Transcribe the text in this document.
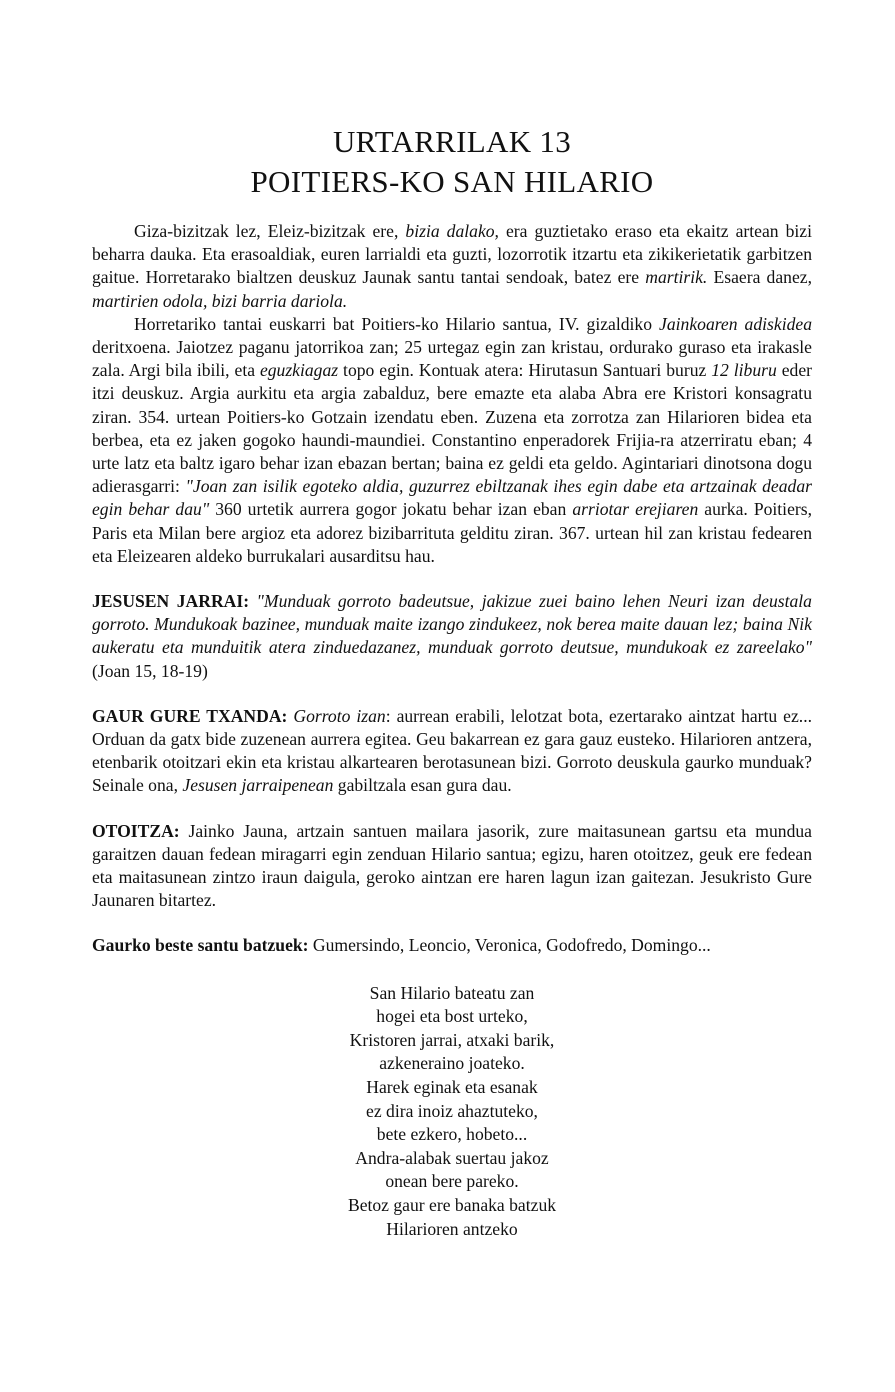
URTARRILAK 13
POITIERS-KO SAN HILARIO

Giza-bizitzak lez, Eleiz-bizitzak ere, bizia dalako, era guztietako eraso eta ekaitz artean bizi beharra dauka. Eta erasoaldiak, euren larrialdi eta guzti, lozorrotik itzartu eta zikikerietatik garbitzen gaitue. Horretarako bialtzen deuskuz Jaunak santu tantai sendoak, batez ere martirik. Esaera danez, martirien odola, bizi barria dariola.

Horretariko tantai euskarri bat Poitiers-ko Hilario santua, IV. gizaldiko Jainkoaren adiskidea deritxoena. Jaiotzez paganu jatorrikoa zan; 25 urtegaz egin zan kristau, ordurako guraso eta irakasle zala. Argi bila ibili, eta eguzkiagaz topo egin. Kontuak atera: Hirutasun Santuari buruz 12 liburu eder itzi deuskuz. Argia aurkitu eta argia zabalduz, bere emazte eta alaba Abra ere Kristori konsagratu ziran. 354. urtean Poitiers-ko Gotzain izendatu eben. Zuzena eta zorrotza zan Hilarioren bidea eta berbea, eta ez jaken gogoko haundi-maundiei. Constantino enperadorek Frijia-ra atzerriratu eban; 4 urte latz eta baltz igaro behar izan ebazan bertan; baina ez geldi eta geldo. Agintariari dinotsona dogu adierasgarri: "Joan zan isilik egoteko aldia, guzurrez ebiltzanak ihes egin dabe eta artzainak deadar egin behar dau" 360 urtetik aurrera gogor jokatu behar izan eban arriotar erejiaren aurka. Poitiers, Paris eta Milan bere argioz eta adorez bizibarrituta gelditu ziran. 367. urtean hil zan kristau fedearen eta Eleizearen aldeko burrukalari ausarditsu hau.

JESUSEN JARRAI: "Munduak gorroto badeutsue, jakizue zuei baino lehen Neuri izan deustala gorroto. Mundukoak bazinee, munduak maite izango zindukeez, nok berea maite dauan lez; baina Nik aukeratu eta munduitik atera zinduedazanez, munduak gorroto deutsue, mundukoak ez zareelako" (Joan 15, 18-19)

GAUR GURE TXANDA: Gorroto izan: aurrean erabili, lelotzat bota, ezertarako aintzat hartu ez... Orduan da gatx bide zuzenean aurrera egitea. Geu bakarrean ez gara gauz eusteko. Hilarioren antzera, etenbarik otoitzari ekin eta kristau alkartearen berotasunean bizi. Gorroto deuskula gaurko munduak? Seinale ona, Jesusen jarraipenean gabiltzala esan gura dau.

OTOITZA: Jainko Jauna, artzain santuen mailara jasorik, zure maitasunean gartsu eta mundua garaitzen dauan fedean miragarri egin zenduan Hilario santua; egizu, haren otoitzez, geuk ere fedean eta maitasunean zintzo iraun daigula, geroko aintzan ere haren lagun izan gaitezan. Jesukristo Gure Jaunaren bitartez.

Gaurko beste santu batzuek: Gumersindo, Leoncio, Veronica, Godofredo, Domingo...

San Hilario bateatu zan
hogei eta bost urteko,
Kristoren jarrai, atxaki barik,
azkeneraino joateko.
Harek eginak eta esanak
ez dira inoiz ahaztuteko,
bete ezkero, hobeto...
Andra-alabak suertau jakoz
onean bere pareko.
Betoz gaur ere banaka batzuk
Hilarioren antzeko
